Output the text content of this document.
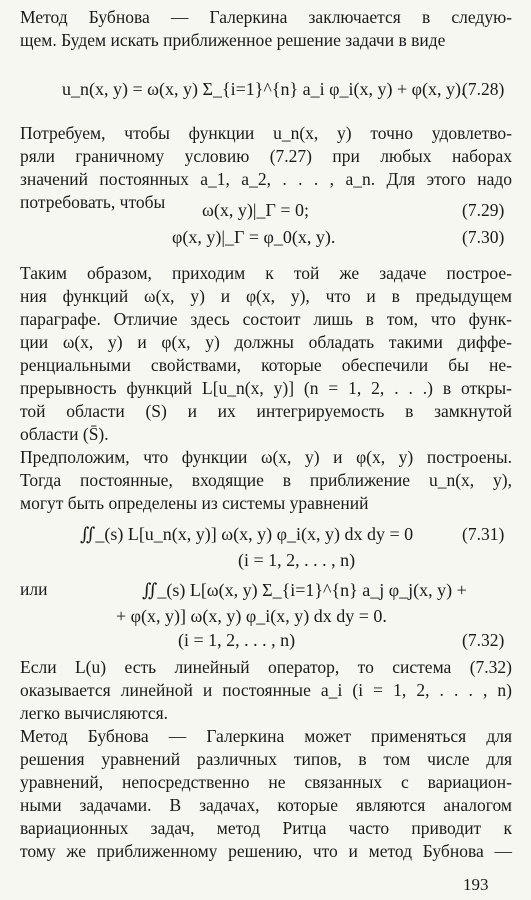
Метод Бубнова — Галеркина заключается в следую-
щем. Будем искать приближенное решение задачи в виде
u_n(x, y) = ω(x, y) Σ_{i=1}^{n} a_i φ_i(x, y) + φ(x, y).
(7.28)
Потребуем, чтобы функции u_n(x, y) точно удовлетво-
ряли граничному условию (7.27) при любых наборах
значений постоянных a_1, a_2, . . . , a_n. Для этого надо
потребовать, чтобы	ω(x, y)|_Γ = 0;	(7.29)
φ(x, y)|_Γ = φ_0(x, y).	(7.30)
Таким образом, приходим к той же задаче построе-
ния функций ω(x, y) и φ(x, y), что и в предыдущем
параграфе. Отличие здесь состоит лишь в том, что функ-
ции ω(x, y) и φ(x, y) должны обладать такими диффе-
ренциальными свойствами, которые обеспечили бы не-
прерывность функций L[u_n(x, y)] (n = 1, 2, . . .) в откры-
той области (S) и их интегрируемость в замкнутой
области (S̄).
Предположим, что функции ω(x, y) и φ(x, y) построены.
Тогда постоянные, входящие в приближение u_n(x, y),
могут быть определены из системы уравнений
∬_(s) L[u_n(x, y)] ω(x, y) φ_i(x, y) dx dy = 0	(7.31)
(i = 1, 2, . . . , n)
или	∬_(s) L[ω(x, y) Σ_{i=1}^{n} a_j φ_j(x, y) +
+ φ(x, y)] ω(x, y) φ_i(x, y) dx dy = 0.
(i = 1, 2, . . . , n)	(7.32)
Если L(u) есть линейный оператор, то система (7.32)
оказывается линейной и постоянные a_i (i = 1, 2, . . . , n)
легко вычисляются.
Метод Бубнова — Галеркина может применяться для
решения уравнений различных типов, в том числе для
уравнений, непосредственно не связанных с вариацион-
ными задачами. В задачах, которые являются аналогом
вариационных задач, метод Ритца часто приводит к
тому же приближенному решению, что и метод Бубнова —
193
